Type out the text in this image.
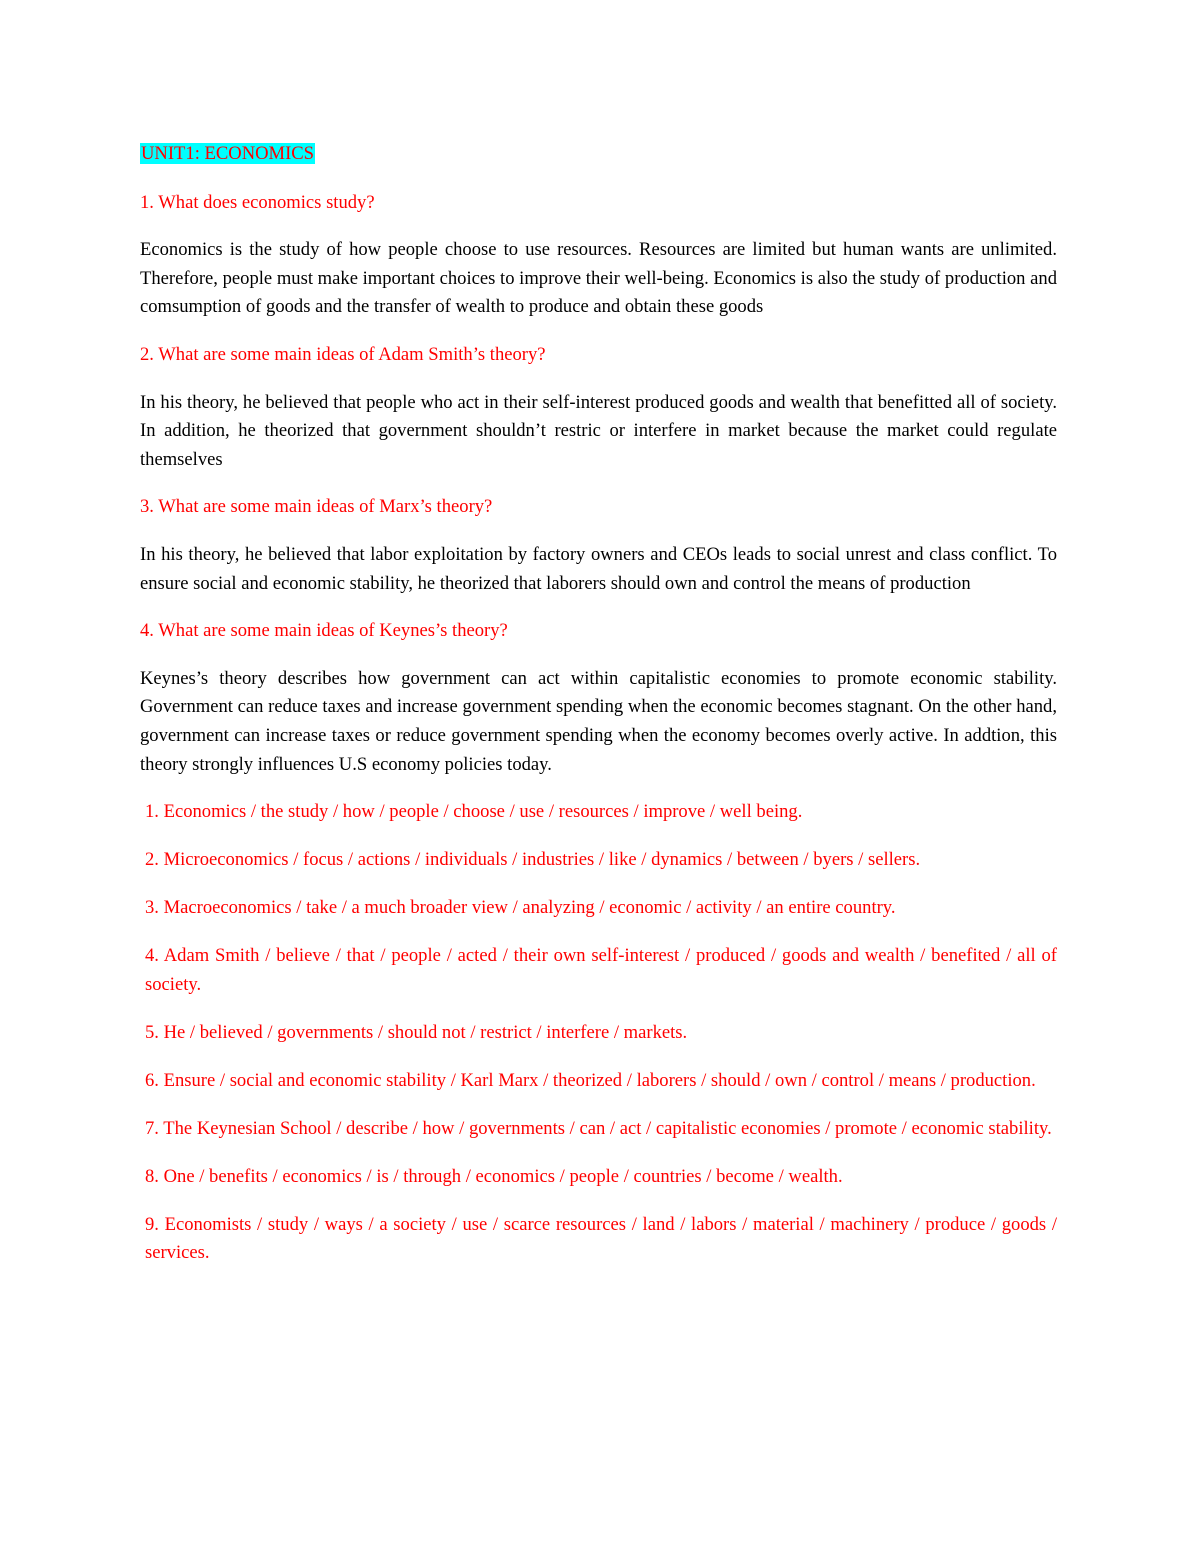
UNIT1: ECONOMICS

1. What does economics study?

Economics is the study of how people choose to use resources. Resources are limited but human wants are unlimited. Therefore, people must make important choices to improve their well-being. Economics is also the study of production and comsumption of goods and the transfer of wealth to produce and obtain these goods

2. What are some main ideas of Adam Smith’s theory?

In his theory, he believed that people who act in their self-interest produced goods and wealth that benefitted all of society. In addition, he theorized that government shouldn’t restric or interfere in market because the market could regulate themselves

3. What are some main ideas of Marx’s theory?

In his theory, he believed that labor exploitation by factory owners and CEOs leads to social unrest and class conflict. To ensure social and economic stability, he theorized that laborers should own and control the means of production

4. What are some main ideas of Keynes’s theory?

Keynes’s theory describes how government can act within capitalistic economies to promote economic stability. Government can reduce taxes and increase government spending when the economic becomes stagnant. On the other hand, government can increase taxes or reduce government spending when the economy becomes overly active. In addtion, this theory strongly influences U.S economy policies today.

1. Economics / the study / how / people / choose / use / resources / improve / well being.

2. Microeconomics / focus / actions / individuals / industries / like / dynamics / between / byers / sellers.

3. Macroeconomics / take / a much broader view / analyzing / economic / activity / an entire country.

4. Adam Smith / believe / that / people / acted / their own self-interest / produced / goods and wealth / benefited / all of society.

5. He / believed / governments / should not / restrict / interfere / markets.

6. Ensure / social and economic stability / Karl Marx / theorized / laborers / should / own / control / means / production.

7. The Keynesian School / describe / how / governments / can / act / capitalistic economies / promote / economic stability.

8. One / benefits / economics / is / through / economics / people / countries / become / wealth.

9. Economists / study / ways / a society / use / scarce resources / land / labors / material / machinery / produce / goods / services.
